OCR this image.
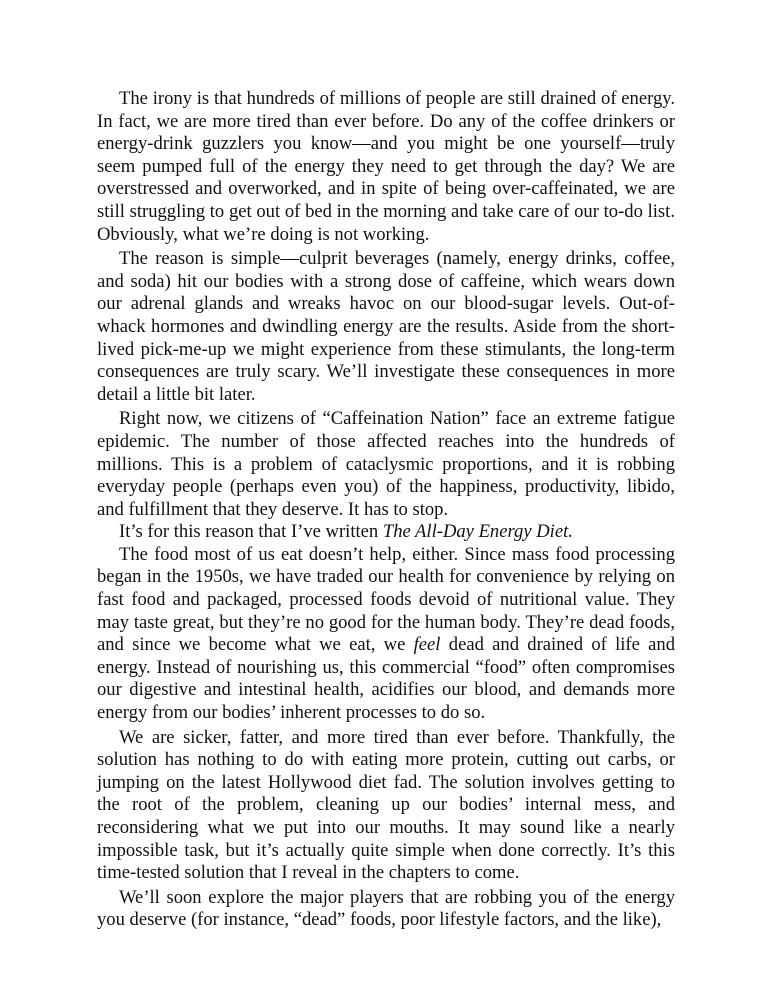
The irony is that hundreds of millions of people are still drained of energy. In fact, we are more tired than ever before. Do any of the coffee drinkers or energy-drink guzzlers you know—and you might be one yourself—truly seem pumped full of the energy they need to get through the day? We are overstressed and overworked, and in spite of being over-caffeinated, we are still struggling to get out of bed in the morning and take care of our to-do list. Obviously, what we’re doing is not working.

The reason is simple—culprit beverages (namely, energy drinks, coffee, and soda) hit our bodies with a strong dose of caffeine, which wears down our adrenal glands and wreaks havoc on our blood-sugar levels. Out-of-whack hormones and dwindling energy are the results. Aside from the short-lived pick-me-up we might experience from these stimulants, the long-term consequences are truly scary. We’ll investigate these consequences in more detail a little bit later.

Right now, we citizens of “Caffeination Nation” face an extreme fatigue epidemic. The number of those affected reaches into the hundreds of millions. This is a problem of cataclysmic proportions, and it is robbing everyday people (perhaps even you) of the happiness, productivity, libido, and fulfillment that they deserve. It has to stop.

It’s for this reason that I’ve written The All-Day Energy Diet.

The food most of us eat doesn’t help, either. Since mass food processing began in the 1950s, we have traded our health for convenience by relying on fast food and packaged, processed foods devoid of nutritional value. They may taste great, but they’re no good for the human body. They’re dead foods, and since we become what we eat, we feel dead and drained of life and energy. Instead of nourishing us, this commercial “food” often compromises our digestive and intestinal health, acidifies our blood, and demands more energy from our bodies’ inherent processes to do so.

We are sicker, fatter, and more tired than ever before. Thankfully, the solution has nothing to do with eating more protein, cutting out carbs, or jumping on the latest Hollywood diet fad. The solution involves getting to the root of the problem, cleaning up our bodies’ internal mess, and reconsidering what we put into our mouths. It may sound like a nearly impossible task, but it’s actually quite simple when done correctly. It’s this time-tested solution that I reveal in the chapters to come.

We’ll soon explore the major players that are robbing you of the energy you deserve (for instance, “dead” foods, poor lifestyle factors, and the like),
